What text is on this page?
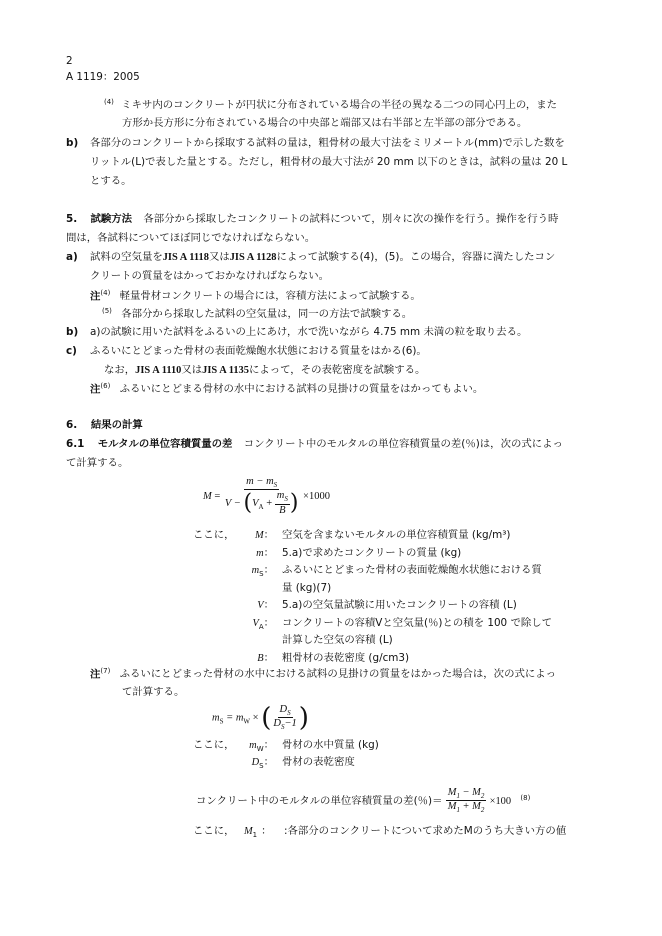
2
A 1119：2005
$^{(4)}$ ミキサ内のコンクリートが円状に分布されている場合の半径の異なる二つの同心円上の，また
方形か長方形に分布されている場合の中央部と端部又は右半部と左半部の部分である。
b) 各部分のコンクリートから採取する試料の量は，粗骨材の最大寸法をミリメートル(mm)で示した数を
リットル(L)で表した量とする。ただし，粗骨材の最大寸法が 20 mm 以下のときは，試料の量は 20 L
とする。
5. 試験方法 各部分から採取したコンクリートの試料について，別々に次の操作を行う。操作を行う時
間は，各試料についてほぼ同じでなければならない。
a) 試料の空気量をJIS A 1118又はJIS A 1128によって試験する(4)，(5)。この場合，容器に満たしたコン
クリートの質量をはかっておかなければならない。
注$^{(4)}$ 軽量骨材コンクリートの場合には，容積方法によって試験する。
$^{(5)}$ 各部分から採取した試料の空気量は，同一の方法で試験する。
b) a)の試験に用いた試料をふるいの上にあけ，水で洗いながら 4.75 mm 未満の粒を取り去る。
c) ふるいにとどまった骨材の表面乾燥飽水状態における質量をはかる(6)。
なお，JIS A 1110又はJIS A 1135によって，その表乾密度を試験する。
注$^{(6)}$ ふるいにとどまる骨材の水中における試料の見掛けの質量をはかってもよい。
6. 結果の計算
6.1 モルタルの単位容積質量の差 コンクリート中のモルタルの単位容積質量の差(％)は，次の式によっ
て計算する。
$M = \frac{m - m_S}{V - (V_A + \frac{m_S}{B} )} \times 1000$
ここに，	M： 空気を含まないモルタルの単位容積質量 (kg/m³)
m： 5.a)で求めたコンクリートの質量 (kg)
$m_S$： ふるいにとどまった骨材の表面乾燥飽水状態における質
量 (kg)(7)
V： 5.a)の空気量試験に用いたコンクリートの容積 (L)
$V_A$： コンクリートの容積Vと空気量(％)との積を 100 で除して
計算した空気の容積 (L)
B： 粗骨材の表乾密度 (g/cm3)
注$^{(7)}$ ふるいにとどまった骨材の水中における試料の見掛けの質量をはかった場合は，次の式によっ
て計算する。
$m_S = m_W$ × ( $\frac{D_S}{D_S-1}$ )
ここに，	$m_W$： 骨材の水中質量 (kg)
$D_S$： 骨材の表乾密度
コンクリート中のモルタルの単位容積質量の差(％)＝ $\frac{M_1 - M_2}{M_1 + M_2} \times 100$ $^{(8)}$
ここに， $M_1$ ： :各部分のコンクリートについて求めたMのうち大きい方の値
